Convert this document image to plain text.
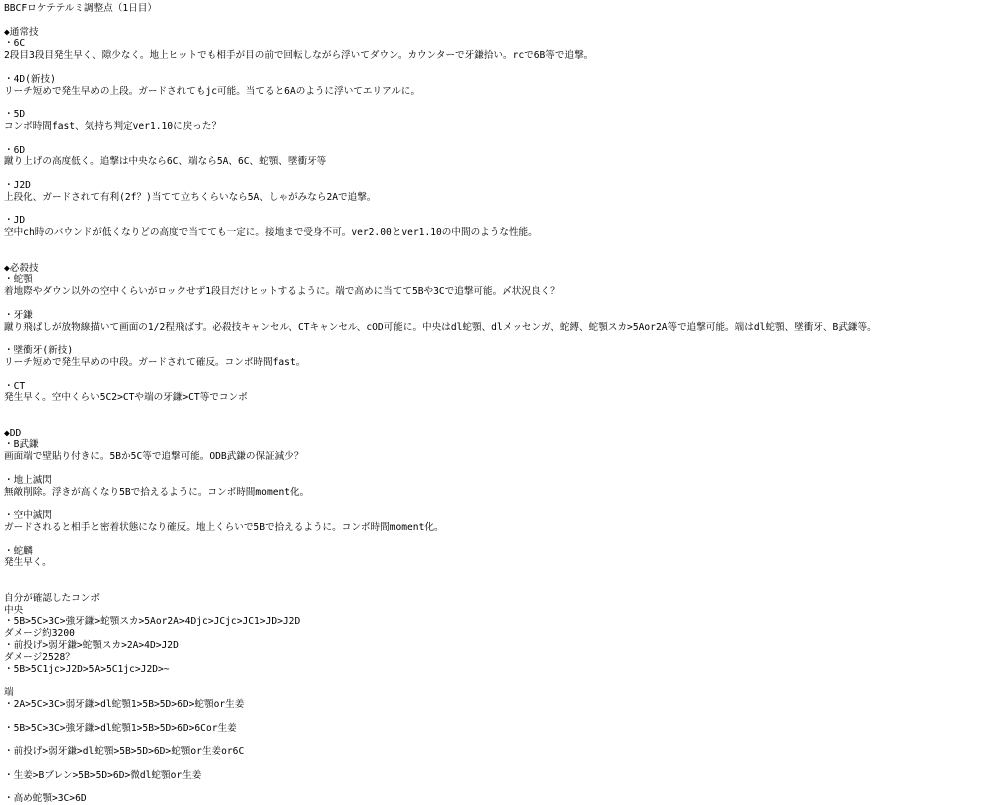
BBCFロケテテルミ調整点（1日目）
◆通常技
・6C
2段目3段目発生早く、隙少なく。地上ヒットでも相手が目の前で回転しながら浮いてダウン。カウンターで牙鎌拾い。rcで6B等で追撃。
・4D(新技)
リーチ短めで発生早めの上段。ガードされてもjc可能。当てると6Aのように浮いてエリアルに。
・5D
コンボ時間fast、気持ち判定ver1.10に戻った？
・6D
蹴り上げの高度低く。追撃は中央なら6C、端なら5A、6C、蛇顎、墜衝牙等
・J2D
上段化、ガードされて有利(2f？)当てて立ちくらいなら5A、しゃがみなら2Aで追撃。
・JD
空中ch時のバウンドが低くなりどの高度で当てても一定に。接地まで受身不可。ver2.00とver1.10の中間のような性能。
◆必殺技
・蛇顎
着地際やダウン以外の空中くらいがロックせず1段目だけヒットするように。端で高めに当てて5Bや3Cで追撃可能。〆状況良く？
・牙鎌
蹴り飛ばしが放物線描いて画面の1/2程飛ばす。必殺技キャンセル、CTキャンセル、cOD可能に。中央はdl蛇顎、dlメッセンガ、蛇縛、蛇顎スカ>5Aor2A等で追撃可能。端はdl蛇顎、墜衝牙、B武鎌等。
・墜衝牙(新技)
リーチ短めで発生早めの中段。ガードされて確反。コンボ時間fast。
・CT
発生早く。空中くらい5C2>CTや端の牙鎌>CT等でコンボ
◆DD
・B武鎌
画面端で壁貼り付きに。5Bか5C等で追撃可能。ODB武鎌の保証減少？
・地上滅閃
無敵削除。浮きが高くなり5Bで拾えるように。コンボ時間moment化。
・空中滅閃
ガードされると相手と密着状態になり確反。地上くらいで5Bで拾えるように。コンボ時間moment化。
・蛇麟
発生早く。
自分が確認したコンボ
中央
・5B>5C>3C>強牙鎌>蛇顎スカ>5Aor2A>4Djc>JCjc>JC1>JD>J2D
ダメージ約3200
・前投げ>弱牙鎌>蛇顎スカ>2A>4D>J2D
ダメージ2528？
・5B>5C1jc>J2D>5A>5C1jc>J2D>~
端
・2A>5C>3C>弱牙鎌>dl蛇顎1>5B>5D>6D>蛇顎or生姜
・5B>5C>3C>強牙鎌>dl蛇顎1>5B>5D>6D>6Cor生姜
・前投げ>弱牙鎌>dl蛇顎>5B>5D>6D>蛇顎or生姜or6C
・生姜>Bブレン>5B>5D>6D>微dl蛇顎or生姜
・高め蛇顎>3C>6D
